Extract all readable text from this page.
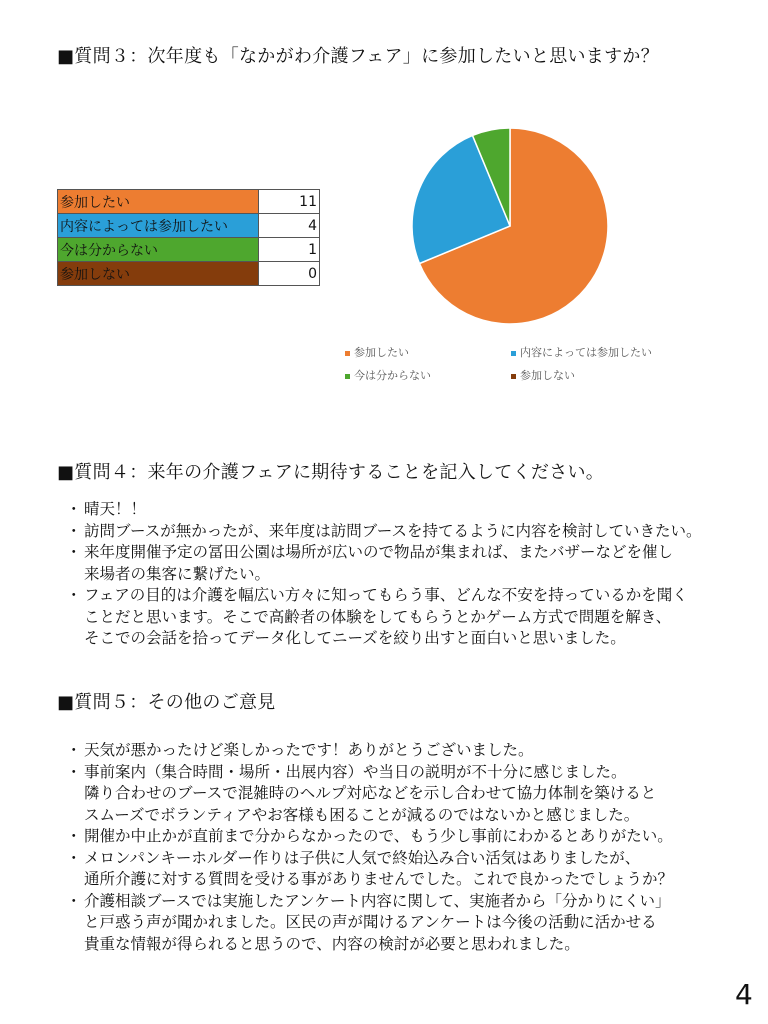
■質問３：次年度も「なかがわ介護フェア」に参加したいと思いますか？
参加したい	11
内容によっては参加したい	4
今は分からない	1
参加しない	0
参加したい	内容によっては参加したい
今は分からない	参加しない
■質問４：来年の介護フェアに期待することを記入してください。
・ 晴天！！
・ 訪問ブースが無かったが、来年度は訪問ブースを持てるように内容を検討していきたい。
・ 来年度開催予定の冨田公園は場所が広いので物品が集まれば、またバザーなどを催し
来場者の集客に繋げたい。
・ フェアの目的は介護を幅広い方々に知ってもらう事、どんな不安を持っているかを聞く
ことだと思います。そこで高齢者の体験をしてもらうとかゲーム方式で問題を解き、
そこでの会話を拾ってデータ化してニーズを絞り出すと面白いと思いました。
■質問５：その他のご意見
・ 天気が悪かったけど楽しかったです！ありがとうございました。
・ 事前案内（集合時間・場所・出展内容）や当日の説明が不十分に感じました。
隣り合わせのブースで混雑時のヘルプ対応などを示し合わせて協力体制を築けると
スムーズでボランティアやお客様も困ることが減るのではないかと感じました。
・ 開催か中止かが直前まで分からなかったので、もう少し事前にわかるとありがたい。
・ メロンパンキーホルダー作りは子供に人気で終始込み合い活気はありましたが、
通所介護に対する質問を受ける事がありませんでした。これで良かったでしょうか？
・ 介護相談ブースでは実施したアンケート内容に関して、実施者から「分かりにくい」
と戸惑う声が聞かれました。区民の声が聞けるアンケートは今後の活動に活かせる
貴重な情報が得られると思うので、内容の検討が必要と思われました。
4
